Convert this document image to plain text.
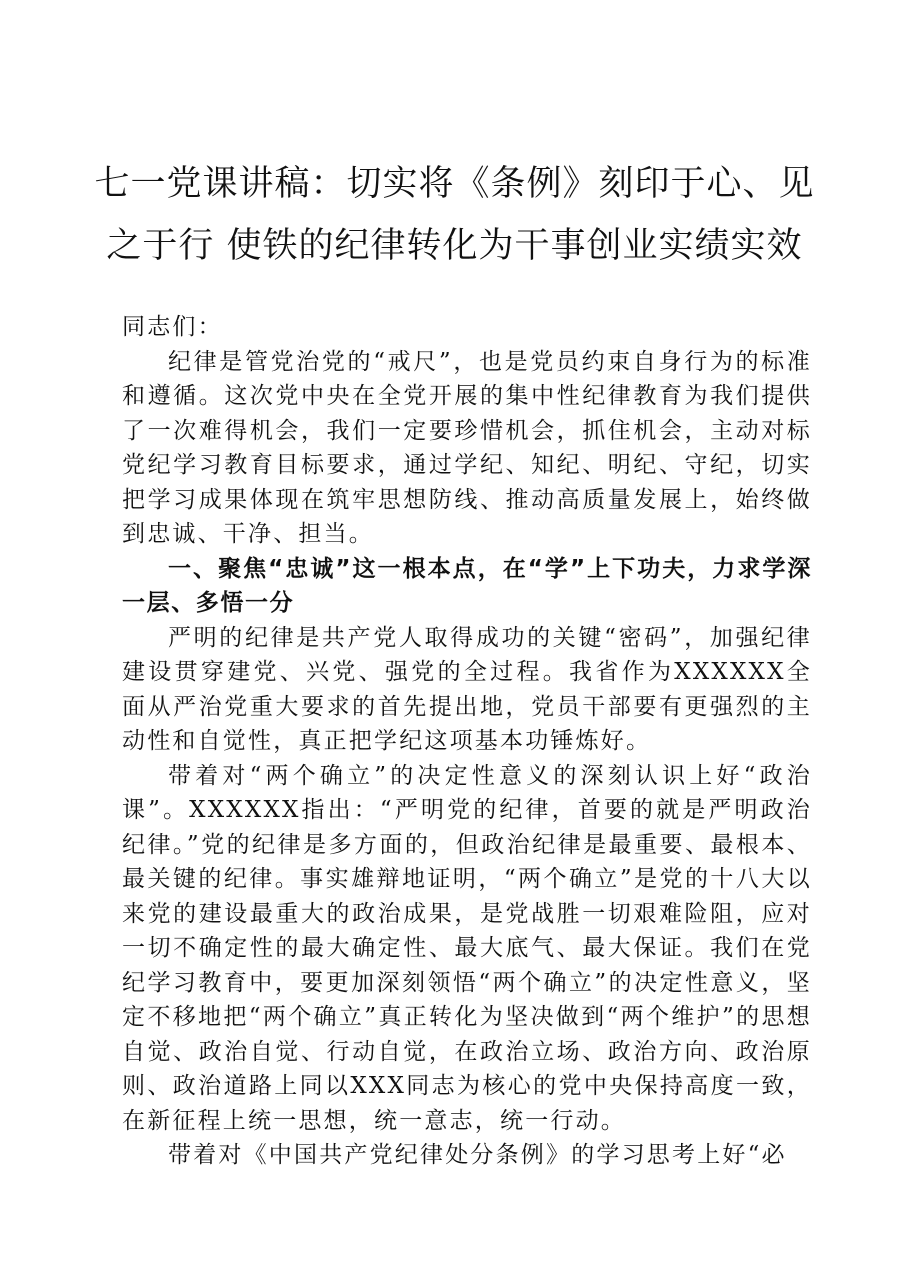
七一党课讲稿：切实将《条例》刻印于心、见
之于行 使铁的纪律转化为干事创业实绩实效

同志们：

纪律是管党治党的“戒尺”，也是党员约束自身行为的标准和遵循。这次党中央在全党开展的集中性纪律教育为我们提供了一次难得机会，我们一定要珍惜机会，抓住机会，主动对标党纪学习教育目标要求，通过学纪、知纪、明纪、守纪，切实把学习成果体现在筑牢思想防线、推动高质量发展上，始终做到忠诚、干净、担当。

一、聚焦“忠诚”这一根本点，在“学”上下功夫，力求学深一层、多悟一分

严明的纪律是共产党人取得成功的关键“密码”，加强纪律建设贯穿建党、兴党、强党的全过程。我省作为XXXXXX全面从严治党重大要求的首先提出地，党员干部要有更强烈的主动性和自觉性，真正把学纪这项基本功锤炼好。

带着对“两个确立”的决定性意义的深刻认识上好“政治课”。XXXXXX指出：“严明党的纪律，首要的就是严明政治纪律。”党的纪律是多方面的，但政治纪律是最重要、最根本、最关键的纪律。事实雄辩地证明，“两个确立”是党的十八大以来党的建设最重大的政治成果，是党战胜一切艰难险阻，应对一切不确定性的最大确定性、最大底气、最大保证。我们在党纪学习教育中，要更加深刻领悟“两个确立”的决定性意义，坚定不移地把“两个确立”真正转化为坚决做到“两个维护”的思想自觉、政治自觉、行动自觉，在政治立场、政治方向、政治原则、政治道路上同以XXX同志为核心的党中央保持高度一致，在新征程上统一思想，统一意志，统一行动。

带着对《中国共产党纪律处分条例》的学习思考上好“必
